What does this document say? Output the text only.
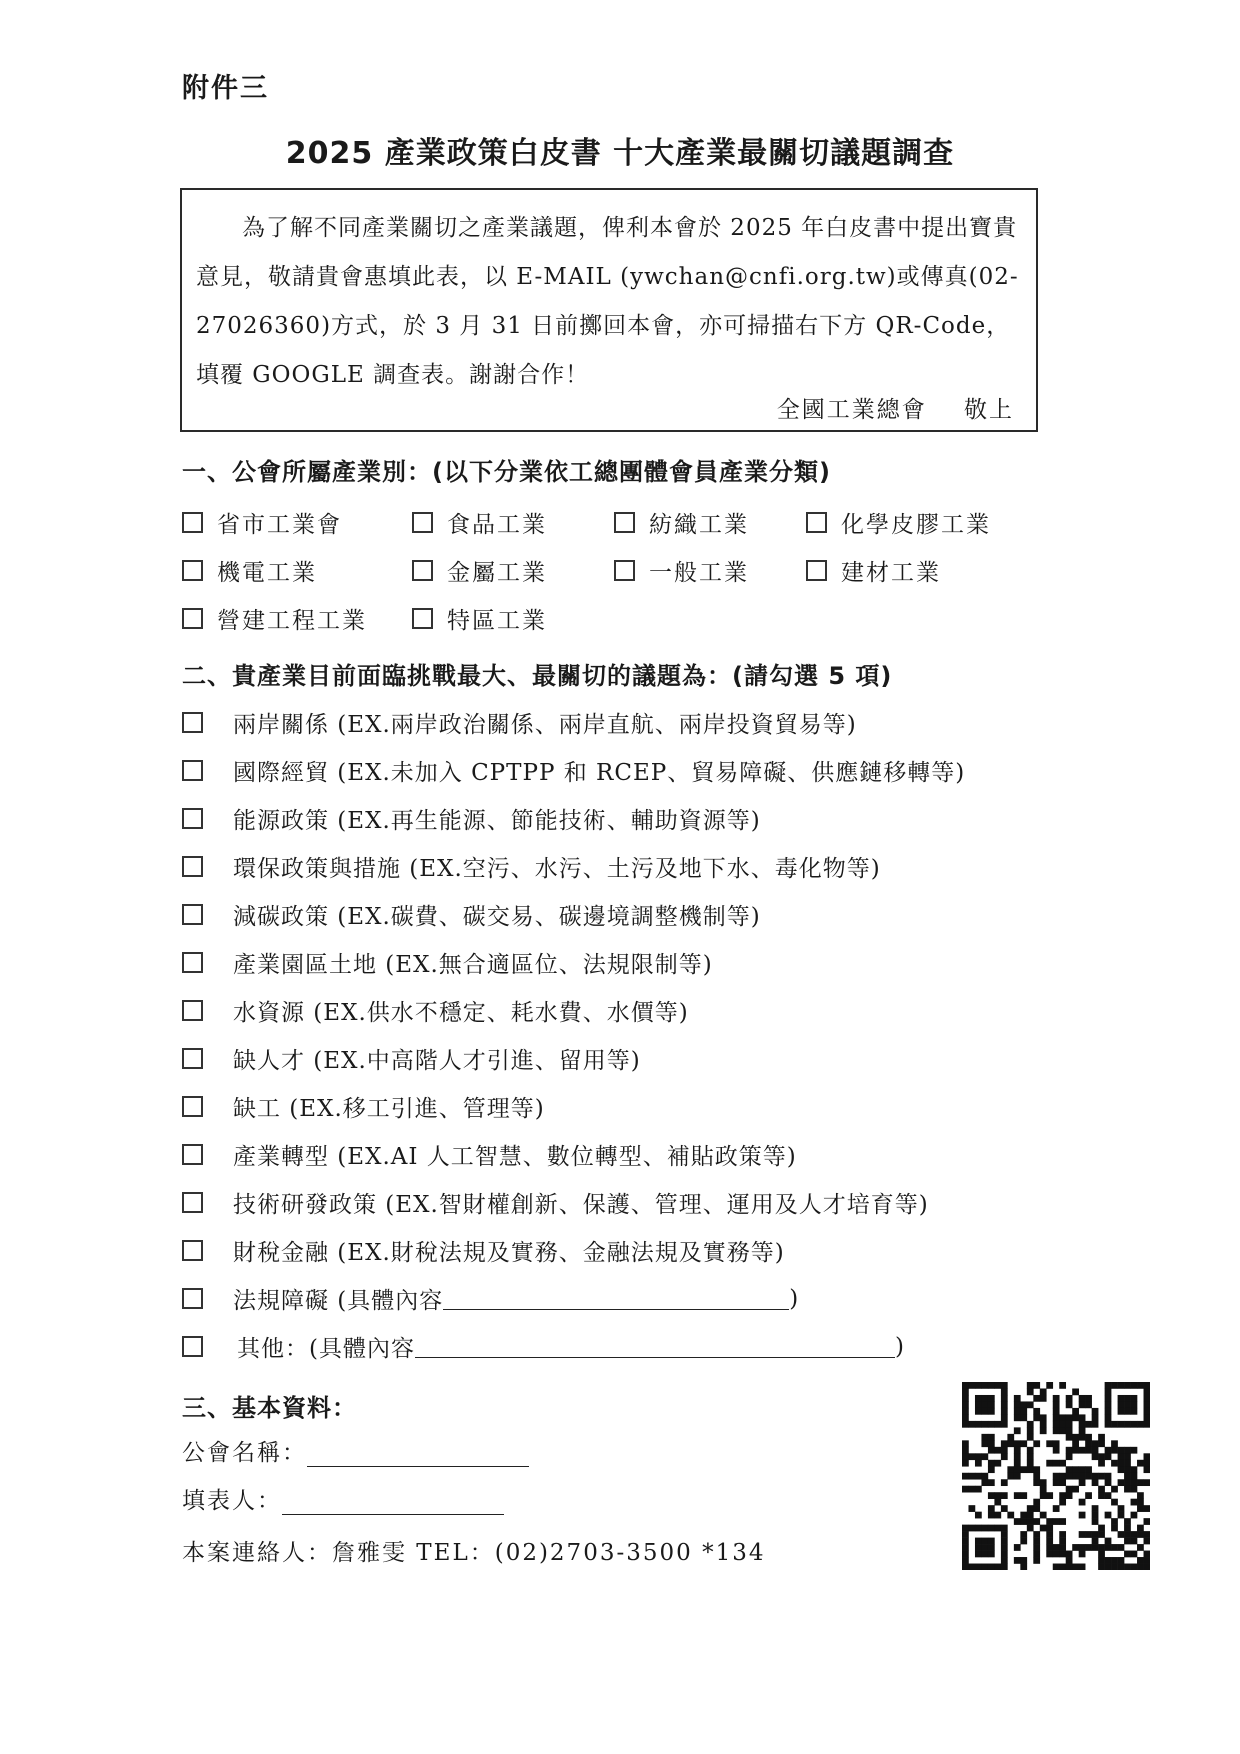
附件三
2025 產業政策白皮書 十大產業最關切議題調查
為了解不同產業關切之產業議題，俾利本會於 2025 年白皮書中提出寶貴意見，敬請貴會惠填此表，以 E-MAIL (ywchan@cnfi.org.tw)或傳真(02-27026360)方式，於 3 月 31 日前擲回本會，亦可掃描右下方 QR-Code，填覆 GOOGLE 調查表。謝謝合作！
全國工業總會    敬上
一、公會所屬產業別：(以下分業依工總團體會員產業分類)
省市工業會	食品工業	紡織工業	化學皮膠工業
機電工業	金屬工業	一般工業	建材工業
營建工程工業	特區工業
二、貴產業目前面臨挑戰最大、最關切的議題為：(請勾選 5 項)
兩岸關係 (EX.兩岸政治關係、兩岸直航、兩岸投資貿易等)
國際經貿 (EX.未加入 CPTPP 和 RCEP、貿易障礙、供應鏈移轉等)
能源政策 (EX.再生能源、節能技術、輔助資源等)
環保政策與措施 (EX.空污、水污、土污及地下水、毒化物等)
減碳政策 (EX.碳費、碳交易、碳邊境調整機制等)
產業園區土地 (EX.無合適區位、法規限制等)
水資源 (EX.供水不穩定、耗水費、水價等)
缺人才 (EX.中高階人才引進、留用等)
缺工 (EX.移工引進、管理等)
產業轉型 (EX.AI 人工智慧、數位轉型、補貼政策等)
技術研發政策 (EX.智財權創新、保護、管理、運用及人才培育等)
財稅金融 (EX.財稅法規及實務、金融法規及實務等)
法規障礙 (具體內容	)
其他：(具體內容	)
三、基本資料：
公會名稱：
填表人：
本案連絡人：詹雅雯 TEL：(02)2703-3500 *134
